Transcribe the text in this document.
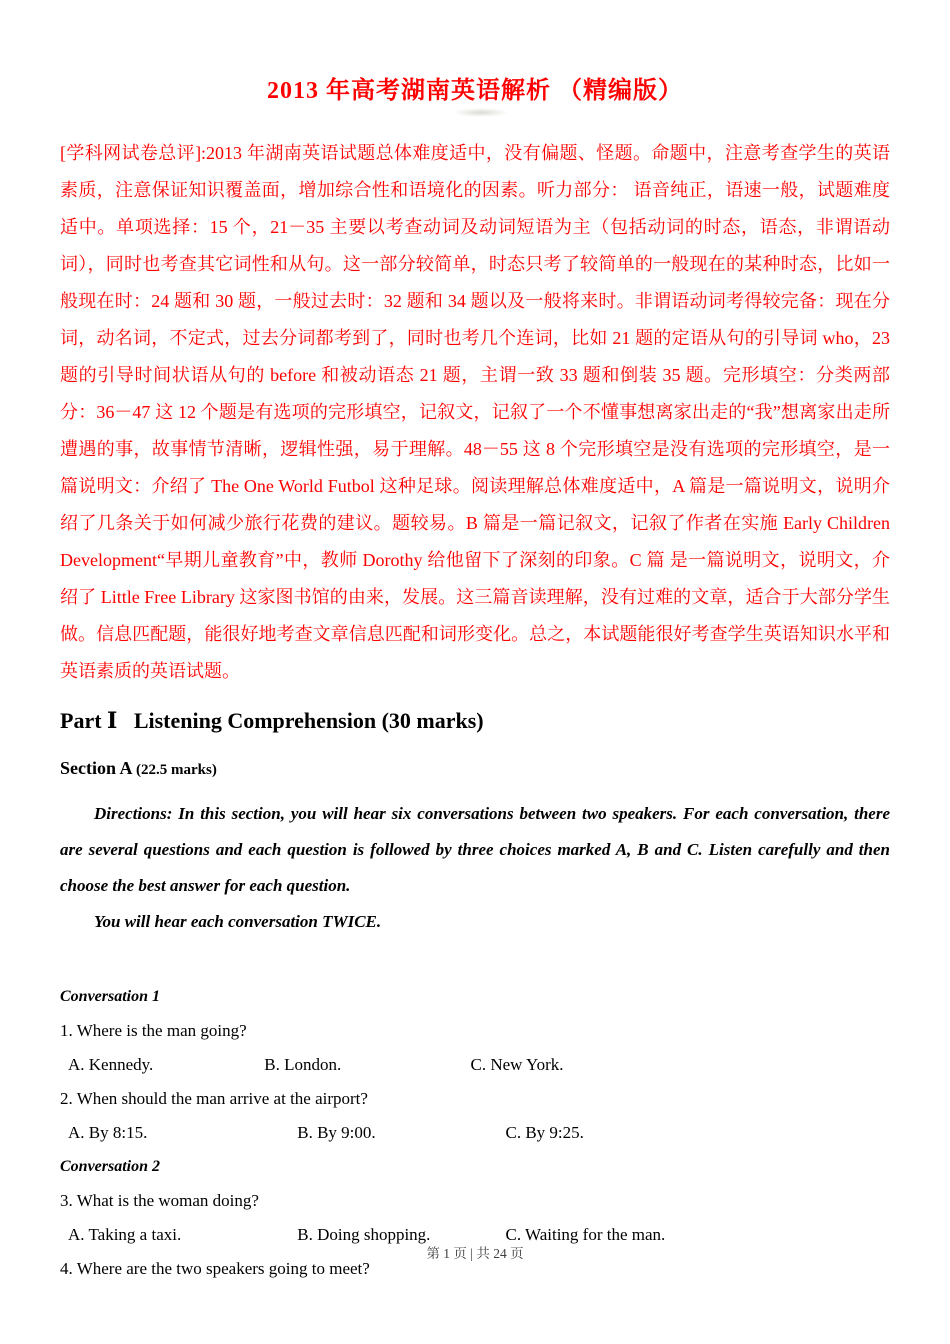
2013 年高考湖南英语解析 （精编版）

[学科网试卷总评]:2013 年湖南英语试题总体难度适中，没有偏题、怪题。命题中，注意考查学生的英语素质，注意保证知识覆盖面，增加综合性和语境化的因素。听力部分： 语音纯正，语速一般，试题难度适中。单项选择：15 个，21－35 主要以考查动词及动词短语为主（包括动词的时态，语态，非谓语动词），同时也考查其它词性和从句。这一部分较简单，时态只考了较简单的一般现在的某种时态，比如一般现在时：24 题和 30 题，一般过去时：32 题和 34 题以及一般将来时。非谓语动词考得较完备：现在分词，动名词，不定式，过去分词都考到了，同时也考几个连词，比如 21 题的定语从句的引导词 who，23 题的引导时间状语从句的 before 和被动语态 21 题，主谓一致 33 题和倒装 35 题。完形填空：分类两部分：36－47 这 12 个题是有选项的完形填空，记叙文，记叙了一个不懂事想离家出走的“我”想离家出走所遭遇的事，故事情节清晰，逻辑性强，易于理解。48－55 这 8 个完形填空是没有选项的完形填空，是一篇说明文：介绍了 The One World Futbol 这种足球。阅读理解总体难度适中，A 篇是一篇说明文，说明介绍了几条关于如何减少旅行花费的建议。题较易。B 篇是一篇记叙文，记叙了作者在实施 Early Children Development“早期儿童教育”中，教师 Dorothy 给他留下了深刻的印象。C 篇 是一篇说明文，说明文，介绍了 Little Free Library 这家图书馆的由来，发展。这三篇音读理解，没有过难的文章，适合于大部分学生做。信息匹配题，能很好地考查文章信息匹配和词形变化。总之，本试题能很好考查学生英语知识水平和英语素质的英语试题。

Part Ⅰ   Listening Comprehension (30 marks)
Section A (22.5 marks)

Directions: In this section, you will hear six conversations between two speakers. For each conversation, there are several questions and each question is followed by three choices marked A, B and C. Listen carefully and then choose the best answer for each question.

You will hear each conversation TWICE.

Conversation 1

1. Where is the man going?

A. Kennedy.	B. London.	C. New York.

2. When should the man arrive at the airport?

A. By 8:15.	B. By 9:00.	C. By 9:25.

Conversation 2

3. What is the woman doing?

A. Taking a taxi.	B. Doing shopping.	C. Waiting for the man.

4. Where are the two speakers going to meet?

第 1 页 | 共 24 页
